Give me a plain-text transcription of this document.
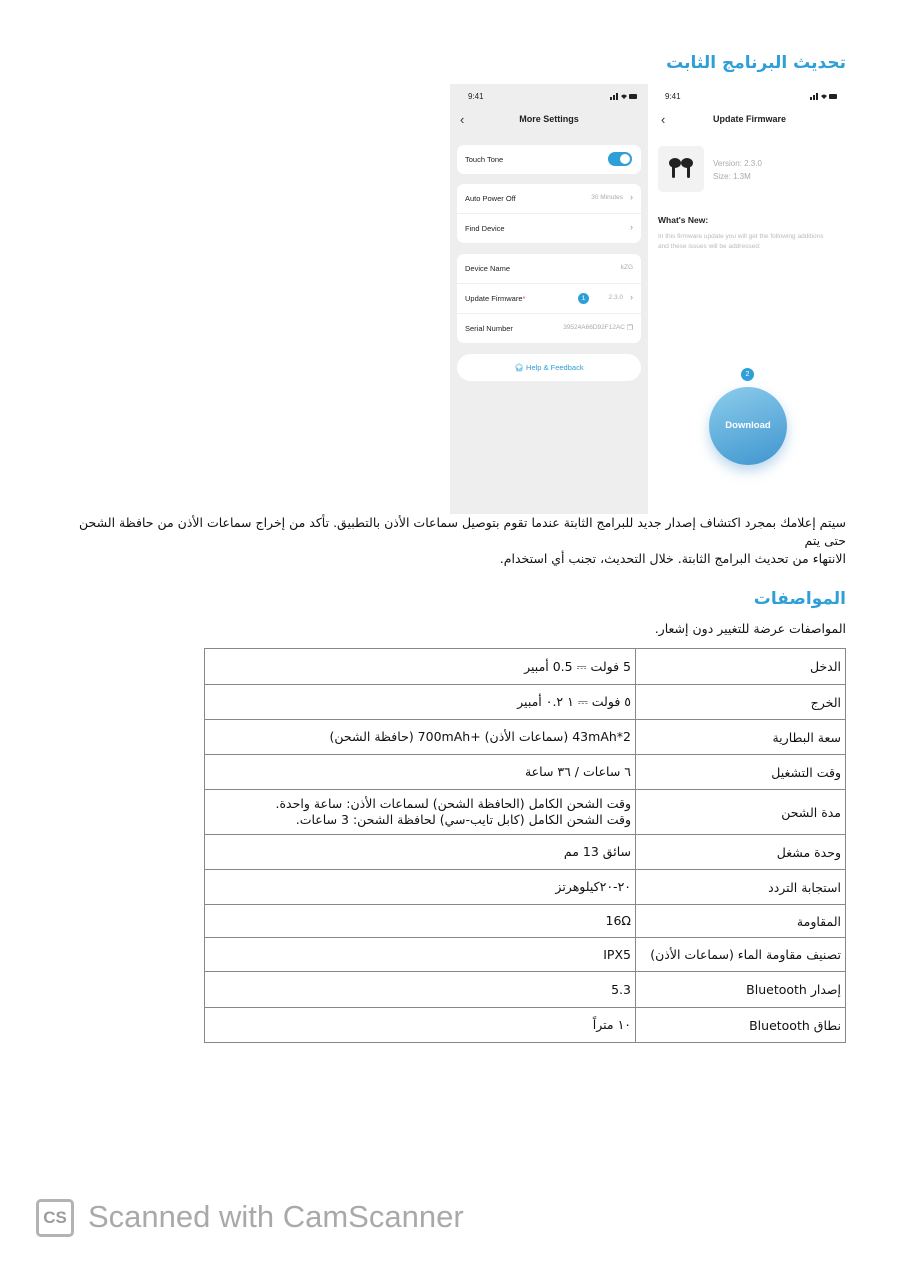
تحديث البرنامج الثابت
9:41
‹	More Settings
Touch Tone
Auto Power Off	30 Minutes ›
Find Device	›
Device Name	kZG
Update Firmware*	1	2.3.0 ›
Serial Number	39524A66D92F12AC ❐
🎧︎ Help & Feedback
9:41
‹	Update Firmware
Version: 2.3.0
Size: 1.3M
What's New:
In this firmware update you will get the following additions and these issues will be addressed:
2
Download

سيتم إعلامك بمجرد اكتشاف إصدار جديد للبرامج الثابتة عندما تقوم بتوصيل سماعات الأذن بالتطبيق. تأكد من إخراج سماعات الأذن من حافظة الشحن حتى يتم
الانتهاء من تحديث البرامج الثابتة. خلال التحديث، تجنب أي استخدام.

المواصفات

المواصفات عرضة للتغيير دون إشعار.

الدخل	5 فولت ⎓ 0.5 أمبير
الخرج	٥ فولت ⎓ ١ ٠.٢ أمبير
سعة البطارية	43mAh*2 (سماعات الأذن) +700mAh (حافظة الشحن)
وقت التشغيل	٦ ساعات / ٣٦ ساعة
مدة الشحن	وقت الشحن الكامل (الحافظة الشحن) لسماعات الأذن: ساعة واحدة.
وقت الشحن الكامل (كابل تايب-سي) لحافظة الشحن: 3 ساعات.

وحدة مشغل	سائق 13 مم
استجابة التردد	٢٠-٢٠كيلوهرتز
المقاومة	16Ω
تصنيف مقاومة الماء (سماعات الأذن)	IPX5
إصدار Bluetooth	5.3
نطاق Bluetooth	١٠ متراً
CS Scanned with CamScanner
